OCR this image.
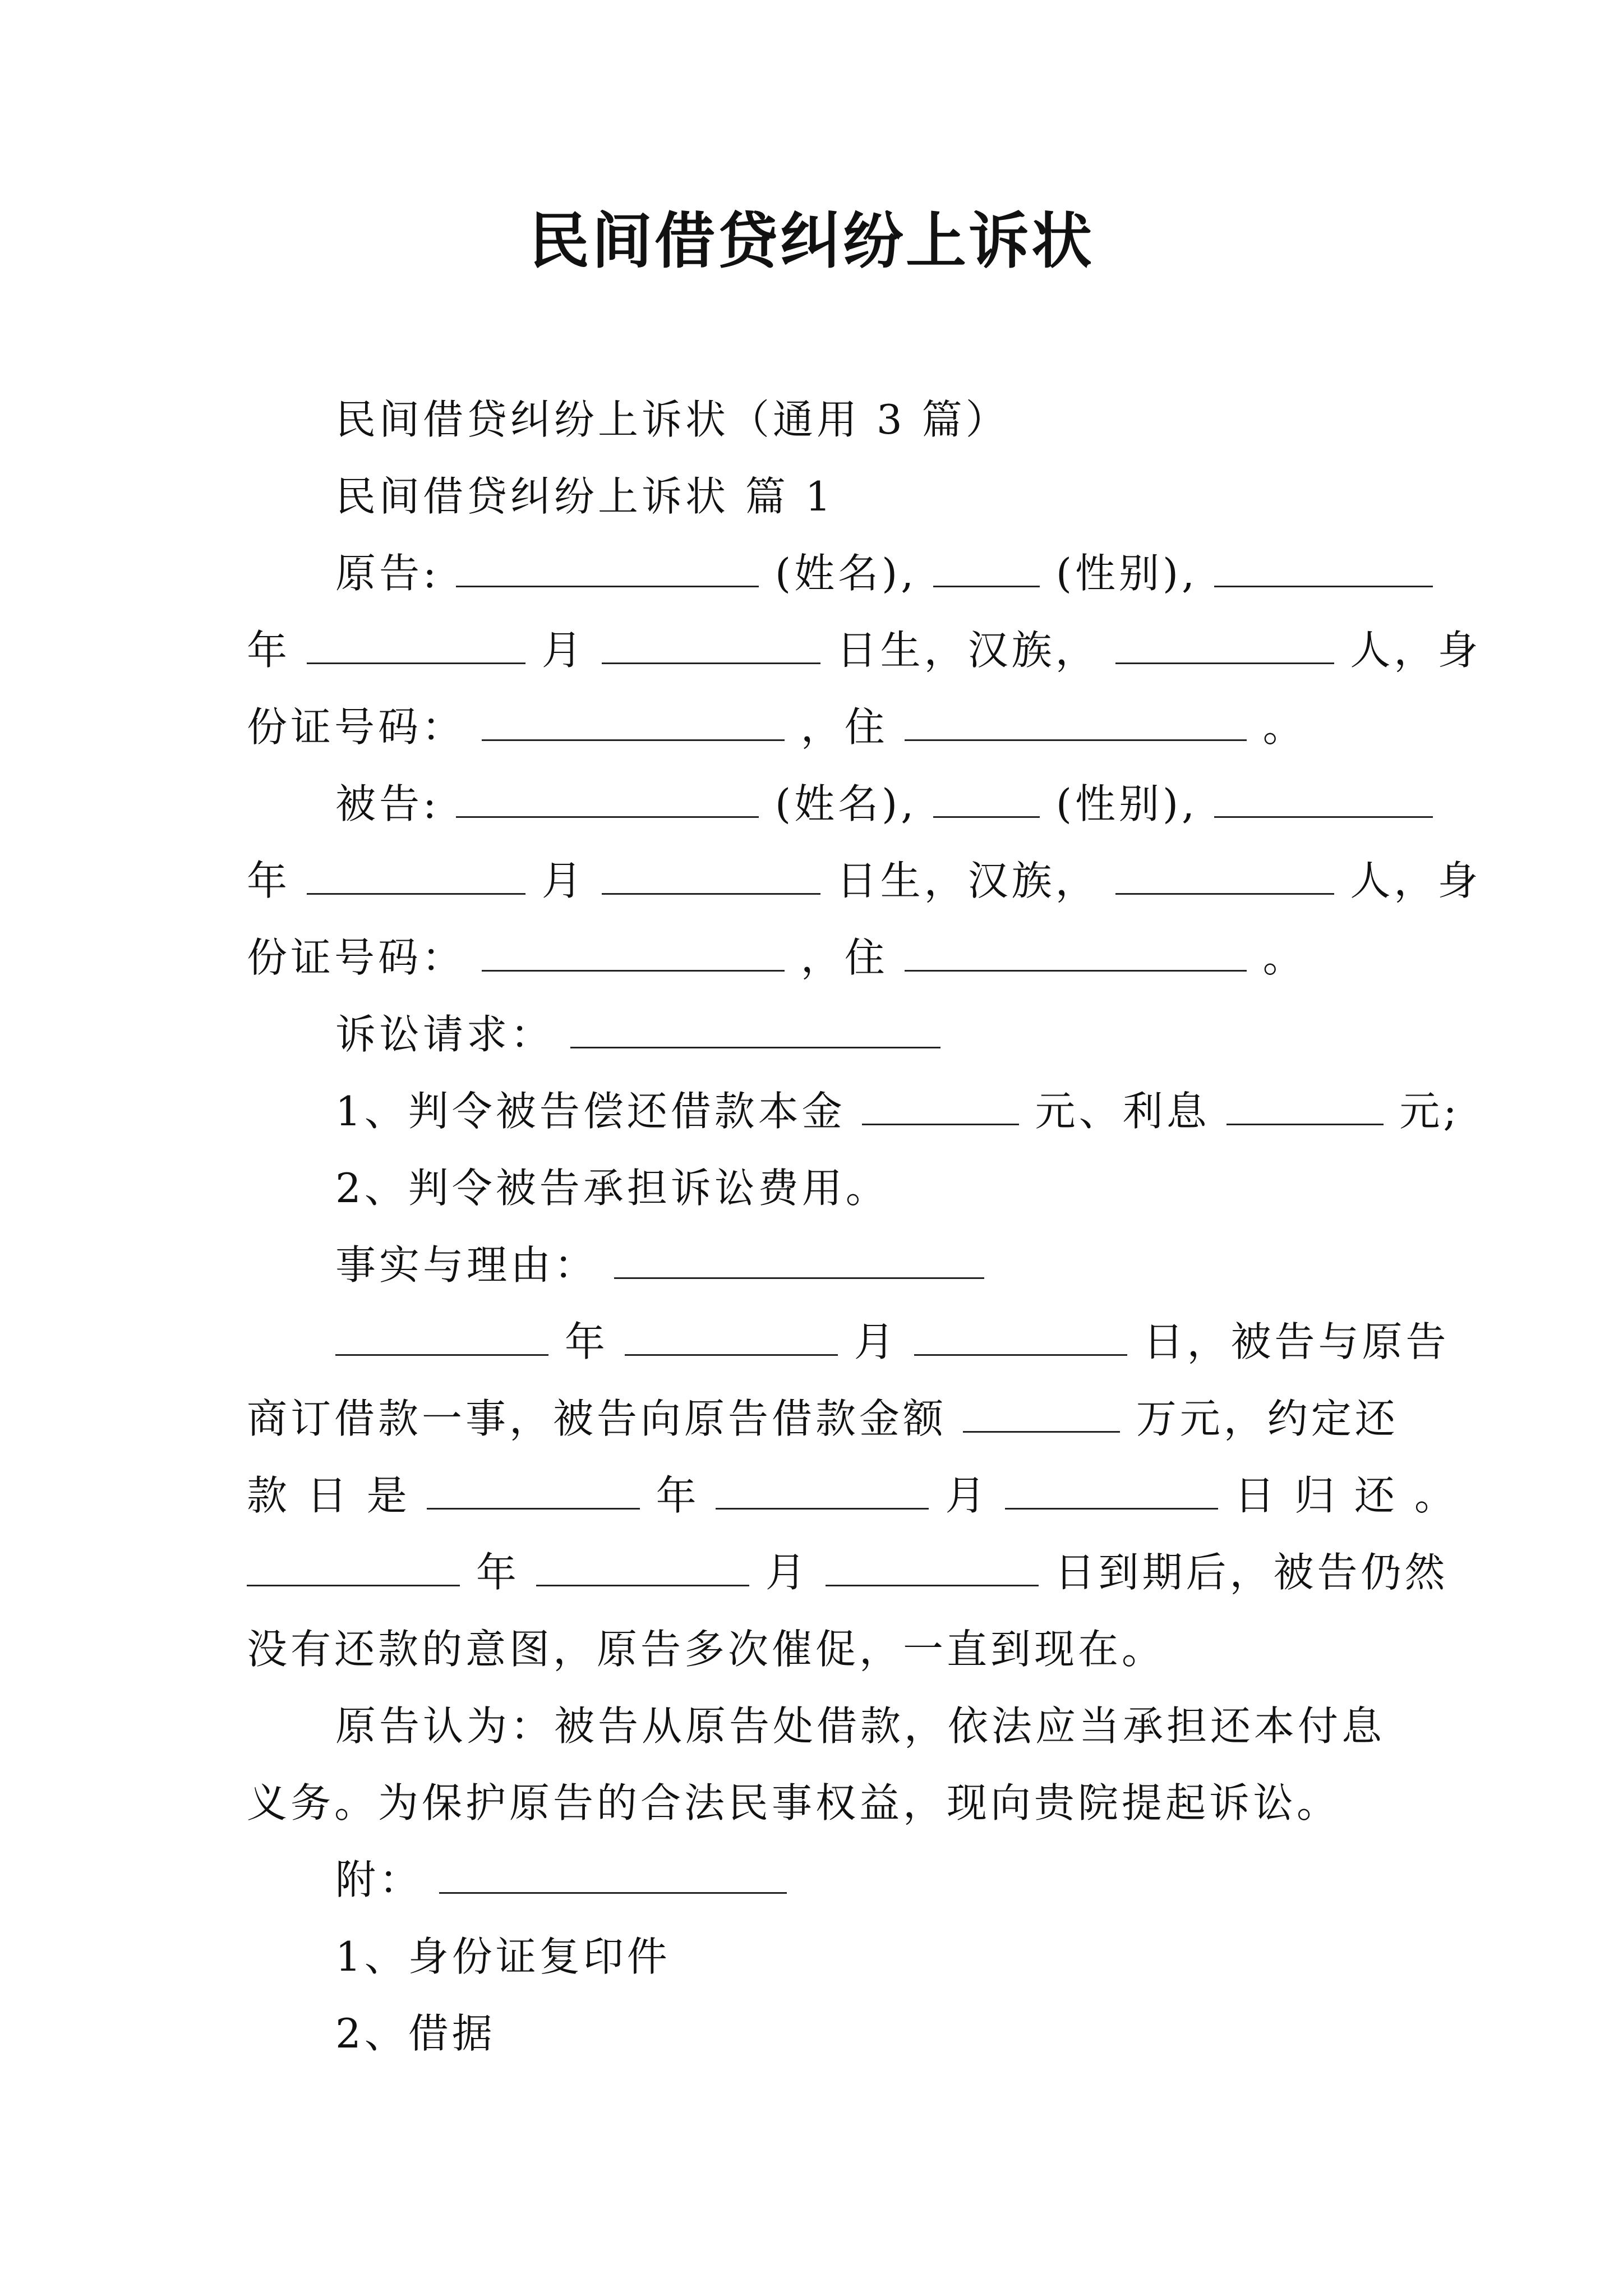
民间借贷纠纷上诉状
民间借贷纠纷上诉状（通用 3 篇）
民间借贷纠纷上诉状 篇 1
原告:	(姓名),	(性别),
年	月	日生，汉族，	人，身
份证号码：	，住	。
被告:	(姓名),	(性别),
年	月	日生，汉族，	人，身
份证号码：	，住	。
诉讼请求：
1、判令被告偿还借款本金	元、利息	元;
2、判令被告承担诉讼费用。
事实与理由：
年	月	日，被告与原告
商订借款一事，被告向原告借款金额	万元，约定还
款 日 是	年	月	日 归 还 。
年	月	日到期后，被告仍然
没有还款的意图，原告多次催促，一直到现在。
原告认为：被告从原告处借款，依法应当承担还本付息
义务。为保护原告的合法民事权益，现向贵院提起诉讼。
附：
1、身份证复印件
2、借据
